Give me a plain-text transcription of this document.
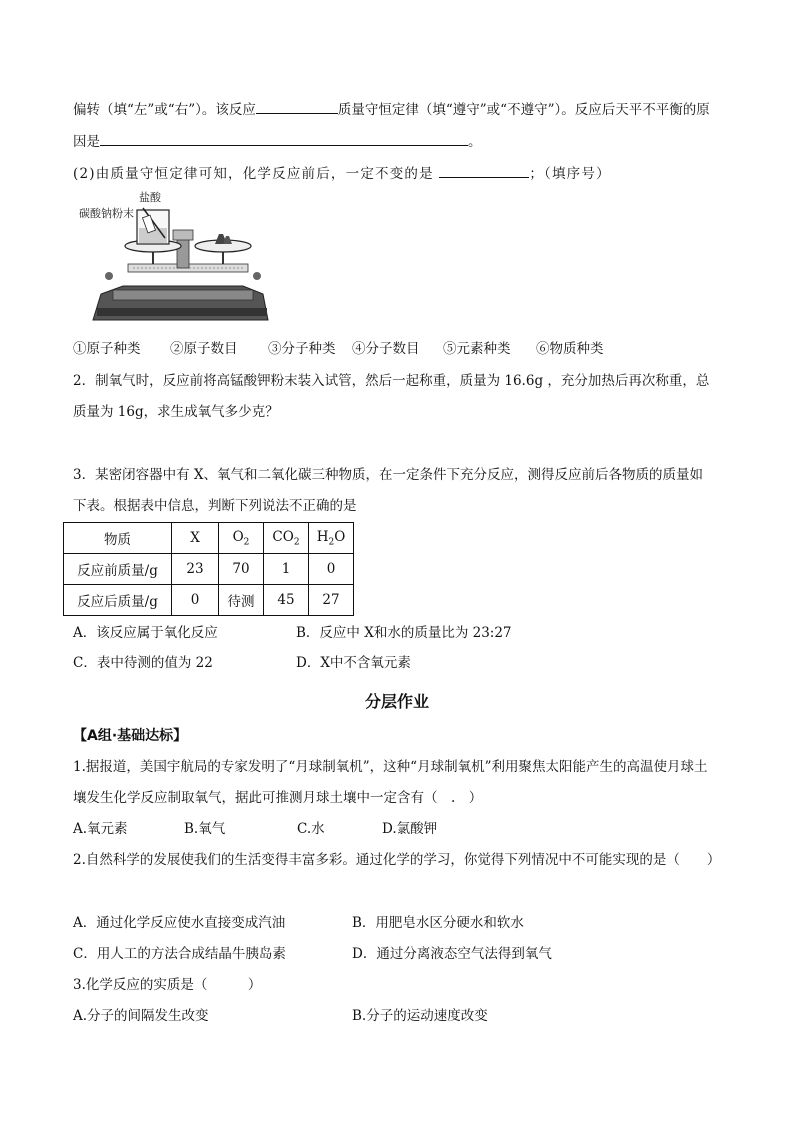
偏转（填“左”或“右”）。该反应	质量守恒定律（填“遵守”或“不遵守”）。反应后天平不平衡的原
因是	。
(2)由质量守恒定律可知，化学反应前后，一定不变的是	；（填序号）
盐酸
碳酸钠粉末
①原子种类 ②原子数目 ③分子种类 ④分子数目 ⑤元素种类 ⑥物质种类
2．制氧气时，反应前将高锰酸钾粉末装入试管，然后一起称重，质量为 16.6g ，充分加热后再次称重，总
质量为 16g，求生成氧气多少克？
3．某密闭容器中有 X、氧气和二氧化碳三种物质，在一定条件下充分反应，测得反应前后各物质的质量如
下表。根据表中信息，判断下列说法不正确的是
物质	X	$O_2$	$CO_2$	$H_2O$
反应前质量/g	23	70	1	0
反应后质量/g	0	待测	45	27
A．该反应属于氧化反应	B．反应中 X和水的质量比为 23:27
C．表中待测的值为 22	D．X中不含氧元素
分层作业
【A组·基础达标】
1.据报道，美国宇航局的专家发明了“月球制氧机”，这种“月球制氧机”利用聚焦太阳能产生的高温使月球土
壤发生化学反应制取氧气，据此可推测月球土壤中一定含有（　.　）
A.氧元素	B.氧气	C.水	D.氯酸钾
2.自然科学的发展使我们的生活变得丰富多彩。通过化学的学习，你觉得下列情况中不可能实现的是（　　）
A．通过化学反应使水直接变成汽油	B．用肥皂水区分硬水和软水
C．用人工的方法合成结晶牛胰岛素	D．通过分离液态空气法得到氧气
3.化学反应的实质是（　　　）
A.分子的间隔发生改变	B.分子的运动速度改变
